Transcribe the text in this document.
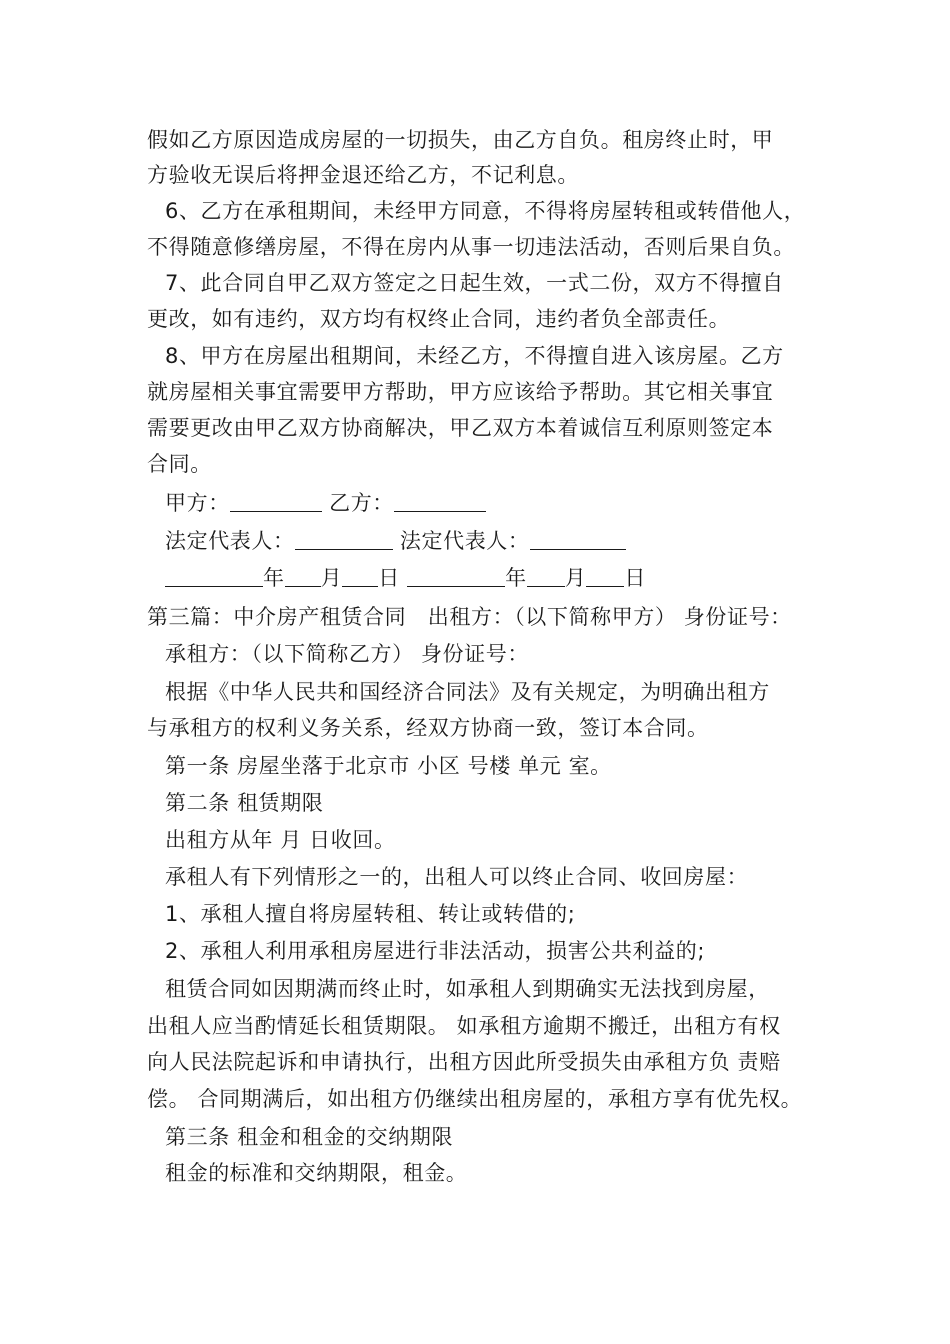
假如乙方原因造成房屋的一切损失，由乙方自负。租房终止时，甲
方验收无误后将押金退还给乙方，不记利息。
6、乙方在承租期间，未经甲方同意，不得将房屋转租或转借他人，
不得随意修缮房屋，不得在房内从事一切违法活动，否则后果自负。
7、此合同自甲乙双方签定之日起生效，一式二份，双方不得擅自
更改，如有违约，双方均有权终止合同，违约者负全部责任。
8、甲方在房屋出租期间，未经乙方，不得擅自进入该房屋。乙方
就房屋相关事宜需要甲方帮助，甲方应该给予帮助。其它相关事宜
需要更改由甲乙双方协商解决，甲乙双方本着诚信互利原则签定本
合同。
甲方：	乙方：
法定代表人：	法定代表人：
年 月 日	年 月 日
第三篇：中介房产租赁合同　出租方：（以下简称甲方） 身份证号：
承租方：（以下简称乙方） 身份证号：
根据《中华人民共和国经济合同法》及有关规定，为明确出租方
与承租方的权利义务关系，经双方协商一致，签订本合同。
第一条 房屋坐落于北京市 小区 号楼 单元 室。
第二条 租赁期限
出租方从年 月 日收回。
承租人有下列情形之一的，出租人可以终止合同、收回房屋：
1、承租人擅自将房屋转租、转让或转借的;
2、承租人利用承租房屋进行非法活动，损害公共利益的;
租赁合同如因期满而终止时，如承租人到期确实无法找到房屋，
出租人应当酌情延长租赁期限。 如承租方逾期不搬迁，出租方有权
向人民法院起诉和申请执行，出租方因此所受损失由承租方负 责赔
偿。 合同期满后，如出租方仍继续出租房屋的，承租方享有优先权。
第三条 租金和租金的交纳期限
租金的标准和交纳期限，租金。
